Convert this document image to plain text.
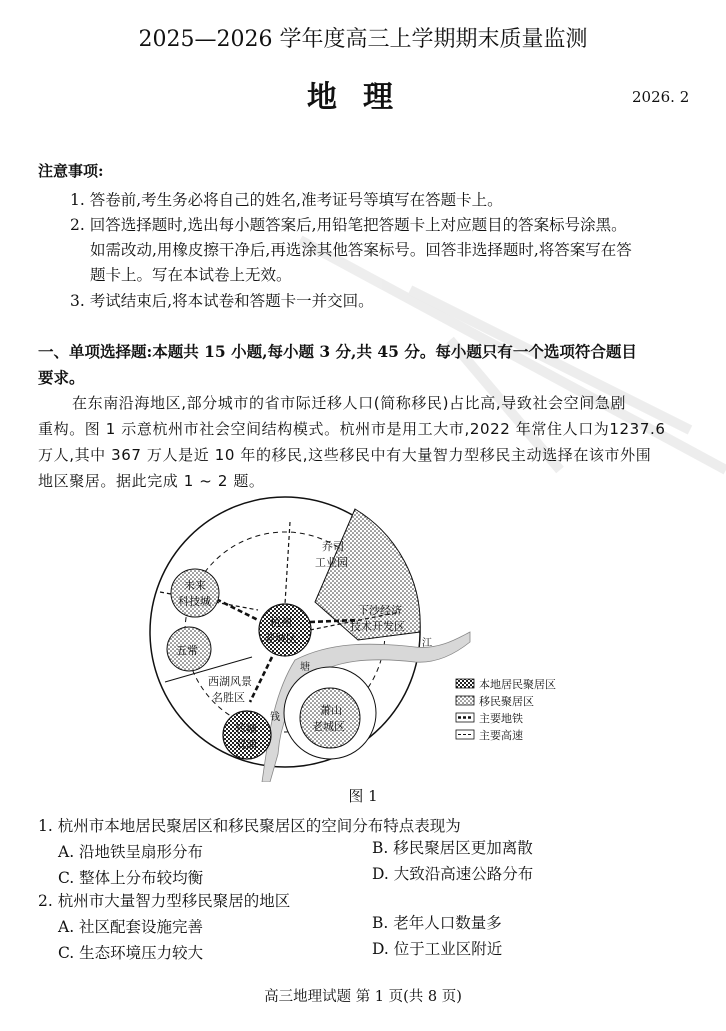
2025—2026 学年度高三上学期期末质量监测
地理	2026. 2
注意事项:
1. 答卷前,考生务必将自己的姓名,准考证号等填写在答题卡上。
2. 回答选择题时,选出每小题答案后,用铅笔把答题卡上对应题目的答案标号涂黑。
如需改动,用橡皮擦干净后,再选涂其他答案标号。回答非选择题时,将答案写在答
题卡上。写在本试卷上无效。
3. 考试结束后,将本试卷和答题卡一并交回。
一、单项选择题:本题共 15 小题,每小题 3 分,共 45 分。每小题只有一个选项符合题目
要求。
在东南沿海地区,部分城市的省市际迁移人口(简称移民)占比高,导致社会空间急剧
重构。图 1 示意杭州市社会空间结构模式。杭州市是用工大市,2022 年常住人口为1237.6
万人,其中 367 万人是近 10 年的移民,这些移民中有大量智力型移民主动选择在该市外围
地区聚居。据此完成 1 ~ 2 题。
未来
科技城
五常
杭州
老城区
乔司
工业园
下沙经济
技术开发区
西湖风景
名胜区
钱
塘
江
萧山
老城区
转塘
双浦
本地居民聚居区
移民聚居区
主要地铁
主要高速
图 1
1. 杭州市本地居民聚居区和移民聚居区的空间分布特点表现为
A. 沿地铁呈扇形分布	B. 移民聚居区更加离散
C. 整体上分布较均衡	D. 大致沿高速公路分布
2. 杭州市大量智力型移民聚居的地区
A. 社区配套设施完善	B. 老年人口数量多
C. 生态环境压力较大	D. 位于工业区附近
高三地理试题 第 1 页(共 8 页)
